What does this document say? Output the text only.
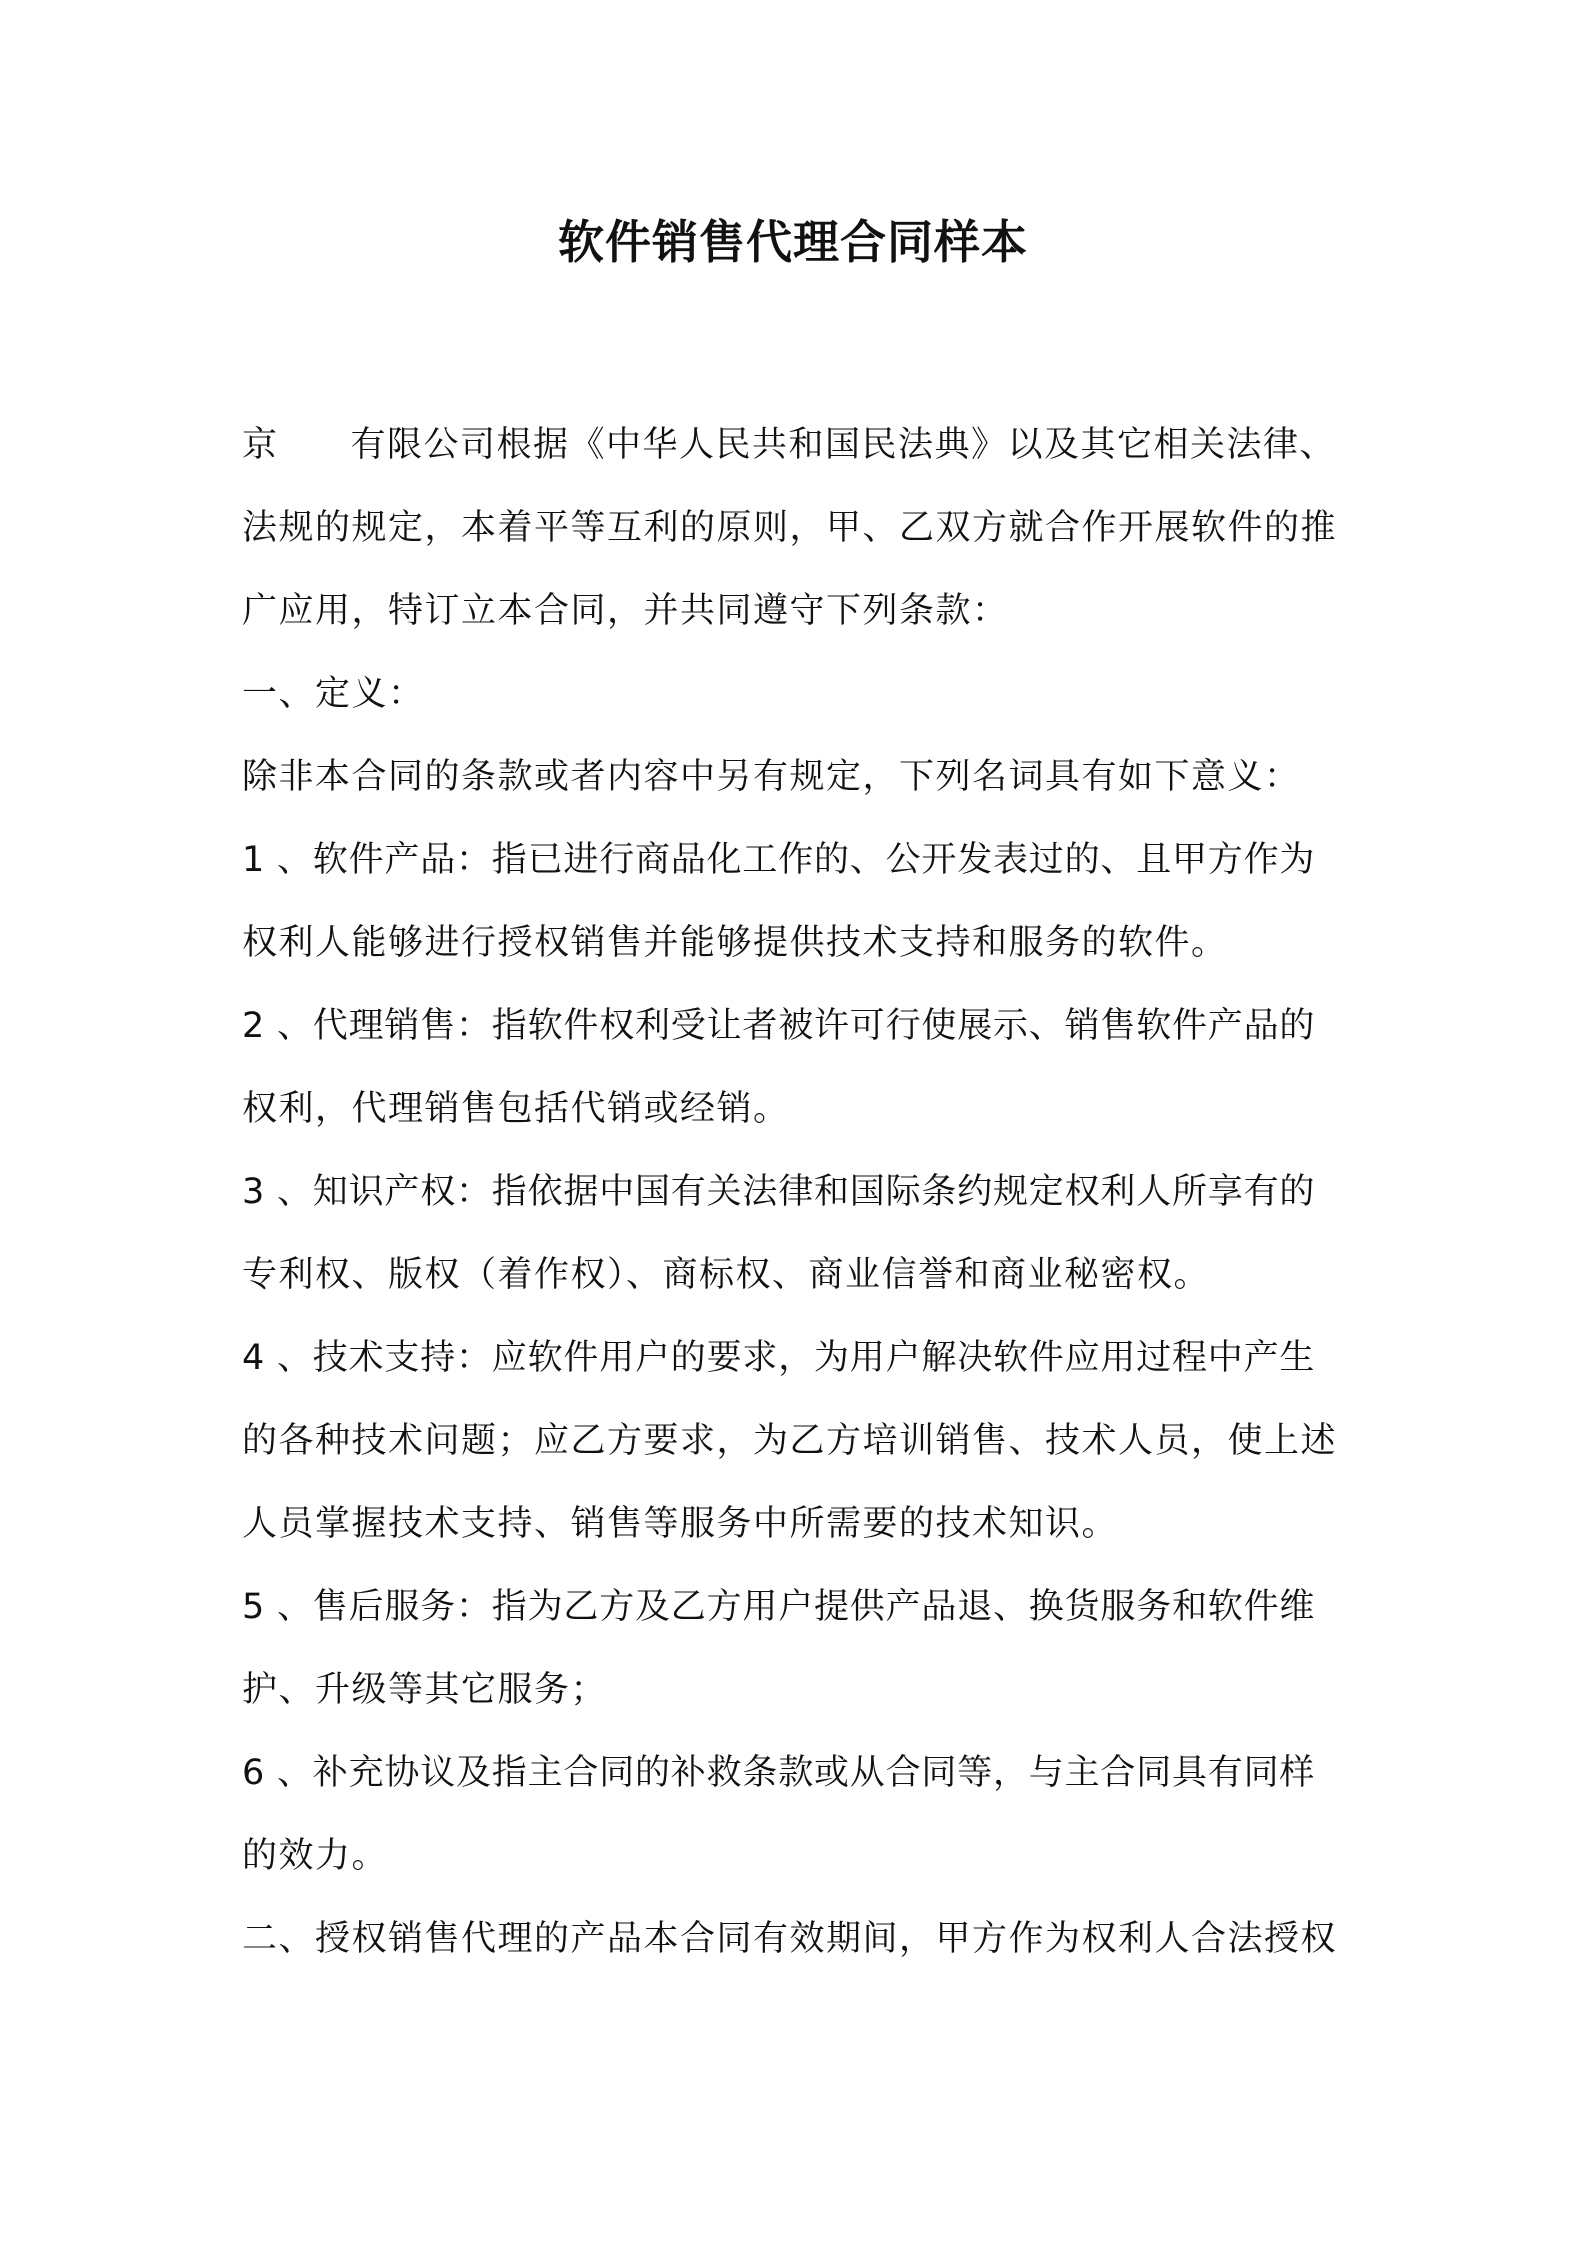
软件销售代理合同样本
京 有限公司根据《中华人民共和国民法典》以及其它相关法律、
法规的规定，本着平等互利的原则，甲、乙双方就合作开展软件的推
广应用，特订立本合同，并共同遵守下列条款：
一、定义：
除非本合同的条款或者内容中另有规定，下列名词具有如下意义：
1 、软件产品：指已进行商品化工作的、公开发表过的、且甲方作为
权利人能够进行授权销售并能够提供技术支持和服务的软件。
2 、代理销售：指软件权利受让者被许可行使展示、销售软件产品的
权利，代理销售包括代销或经销。
3 、知识产权：指依据中国有关法律和国际条约规定权利人所享有的
专利权、版权（着作权）、商标权、商业信誉和商业秘密权。
4 、技术支持：应软件用户的要求，为用户解决软件应用过程中产生
的各种技术问题；应乙方要求，为乙方培训销售、技术人员，使上述
人员掌握技术支持、销售等服务中所需要的技术知识。
5 、售后服务：指为乙方及乙方用户提供产品退、换货服务和软件维
护、升级等其它服务；
6 、补充协议及指主合同的补救条款或从合同等，与主合同具有同样
的效力。
二、授权销售代理的产品本合同有效期间，甲方作为权利人合法授权
